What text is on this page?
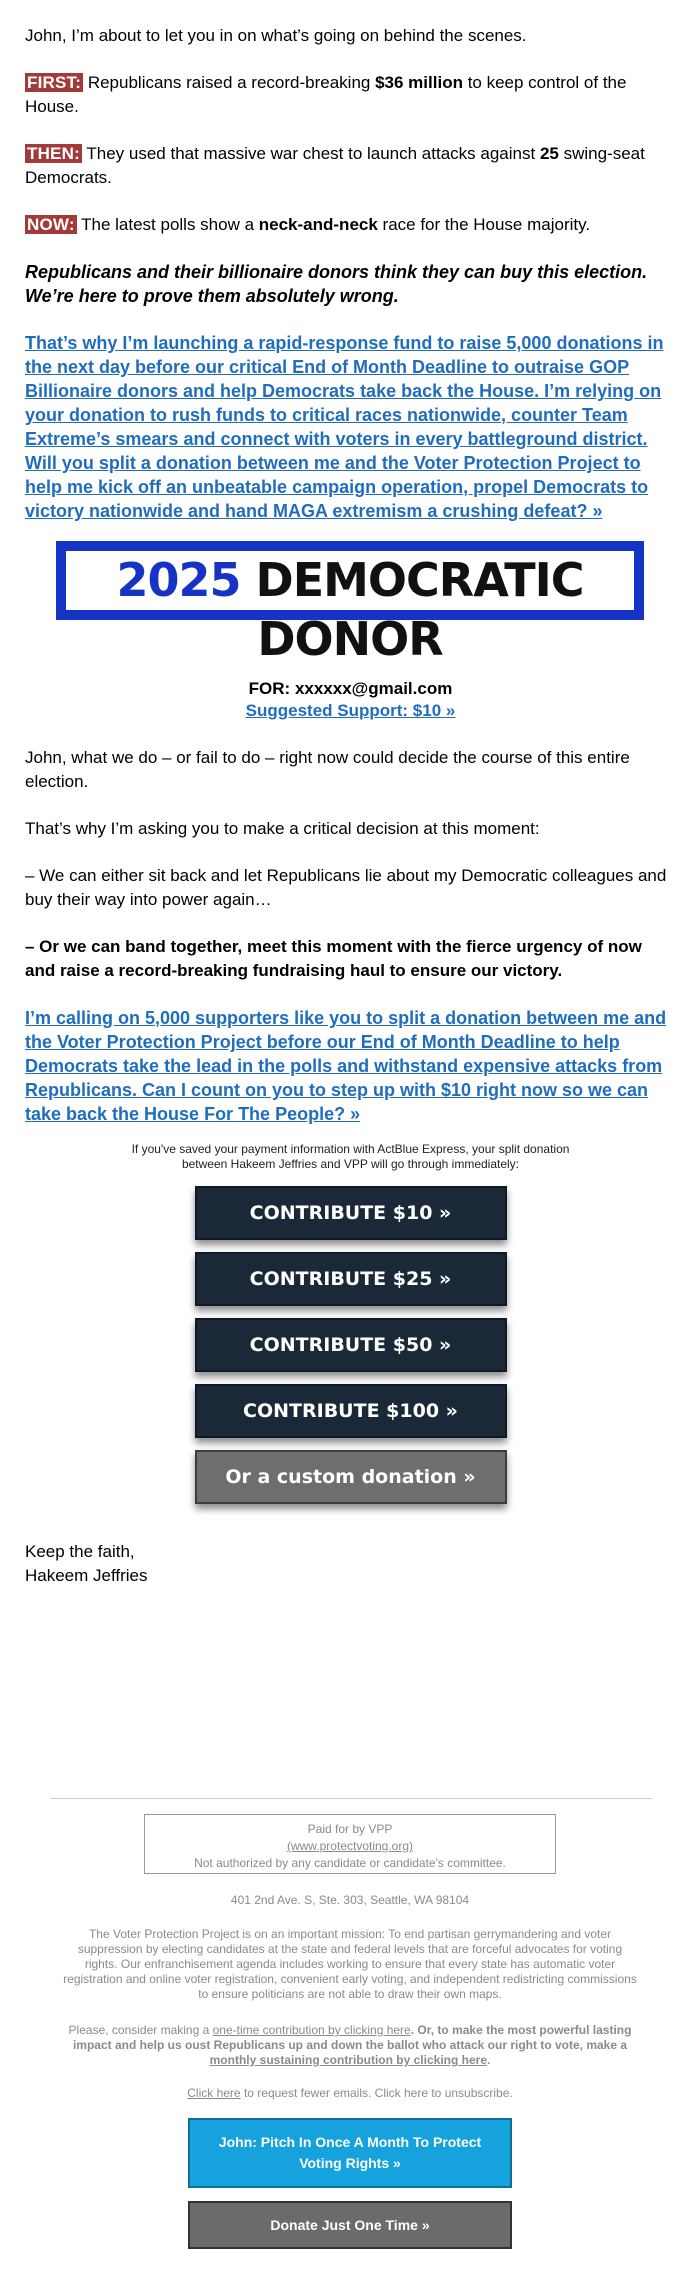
John, I’m about to let you in on what’s going on behind the scenes.

FIRST: Republicans raised a record-breaking $36 million to keep control of the House.

THEN: They used that massive war chest to launch attacks against 25 swing-seat Democrats.

NOW: The latest polls show a neck-and-neck race for the House majority.

Republicans and their billionaire donors think they can buy this election. We’re here to prove them absolutely wrong.

That’s why I’m launching a rapid-response fund to raise 5,000 donations in the next day before our critical End of Month Deadline to outraise GOP Billionaire donors and help Democrats take back the House. I’m relying on your donation to rush funds to critical races nationwide, counter Team Extreme’s smears and connect with voters in every battleground district. Will you split a donation between me and the Voter Protection Project to help me kick off an unbeatable campaign operation, propel Democrats to victory nationwide and hand MAGA extremism a crushing defeat? »
2025 DEMOCRATIC DONOR
FOR: xxxxxx@gmail.com
Suggested Support: $10 »

John, what we do – or fail to do – right now could decide the course of this entire election.

That’s why I’m asking you to make a critical decision at this moment:

– We can either sit back and let Republicans lie about my Democratic colleagues and buy their way into power again…

– Or we can band together, meet this moment with the fierce urgency of now and raise a record-breaking fundraising haul to ensure our victory.

I’m calling on 5,000 supporters like you to split a donation between me and the Voter Protection Project before our End of Month Deadline to help Democrats take the lead in the polls and withstand expensive attacks from Republicans. Can I count on you to step up with $10 right now so we can take back the House For The People? »

If you've saved your payment information with ActBlue Express, your split donation between Hakeem Jeffries and VPP will go through immediately:

CONTRIBUTE $10 »
CONTRIBUTE $25 »
CONTRIBUTE $50 »
CONTRIBUTE $100 »
Or a custom donation »
Keep the faith,
Hakeem Jeffries
Paid for by VPP
(www.protectvoting.org)
Not authorized by any candidate or candidate's committee.
401 2nd Ave. S, Ste. 303, Seattle, WA 98104
The Voter Protection Project is on an important mission: To end partisan gerrymandering and voter suppression by electing candidates at the state and federal levels that are forceful advocates for voting rights. Our enfranchisement agenda includes working to ensure that every state has automatic voter registration and online voter registration, convenient early voting, and independent redistricting commissions to ensure politicians are not able to draw their own maps.
Please, consider making a one-time contribution by clicking here. Or, to make the most powerful lasting impact and help us oust Republicans up and down the ballot who attack our right to vote, make a monthly sustaining contribution by clicking here.
Click here to request fewer emails. Click here to unsubscribe.
John: Pitch In Once A Month To Protect Voting Rights »
Donate Just One Time »
